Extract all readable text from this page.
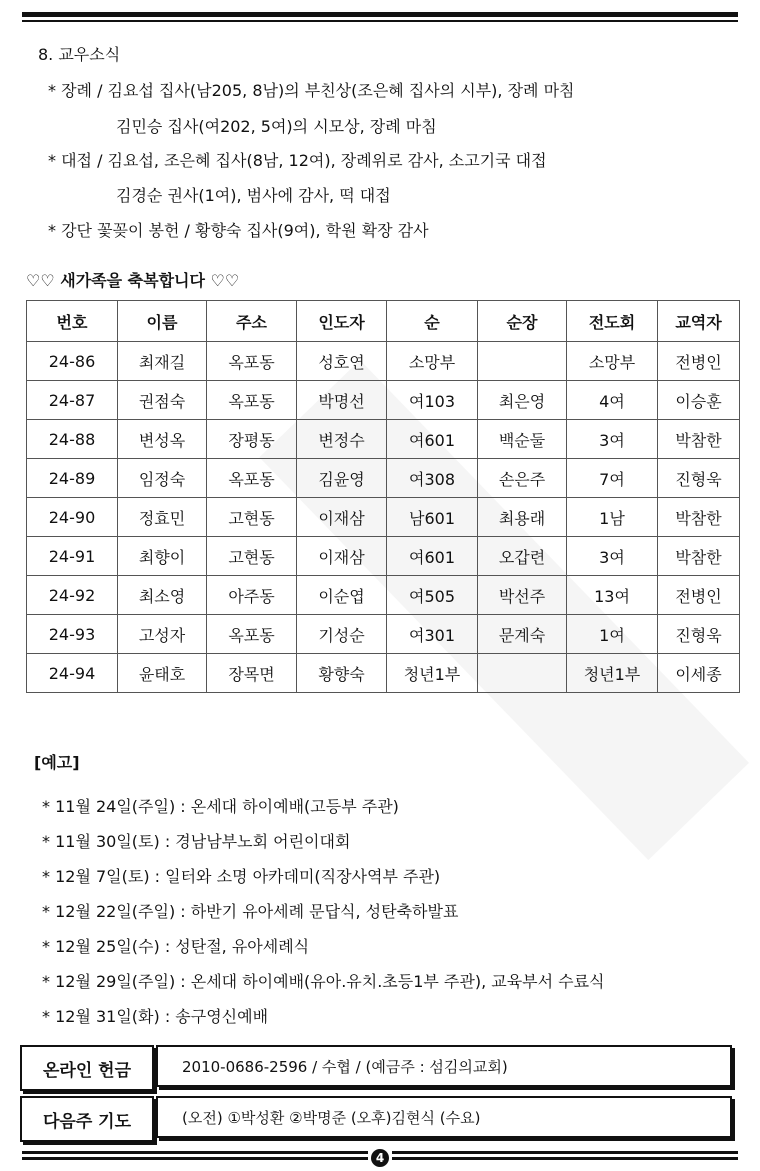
8. 교우소식
* 장례 / 김요섭 집사(남205, 8남)의 부친상(조은혜 집사의 시부), 장례 마침
김민승 집사(여202, 5여)의 시모상, 장례 마침
* 대접 / 김요섭, 조은혜 집사(8남, 12여), 장례위로 감사, 소고기국 대접
김경순 권사(1여), 범사에 감사, 떡 대접
* 강단 꽃꽂이 봉헌 / 황향숙 집사(9여), 학원 확장 감사
♡♡ 새가족을 축복합니다 ♡♡
번호	이름	주소	인도자	순	순장	전도회	교역자
24-86	최재길	옥포동	성호연	소망부		소망부	전병인
24-87	권점숙	옥포동	박명선	여103	최은영	4여	이승훈
24-88	변성옥	장평동	변정수	여601	백순둘	3여	박참한
24-89	임정숙	옥포동	김윤영	여308	손은주	7여	진형욱
24-90	정효민	고현동	이재삼	남601	최용래	1남	박참한
24-91	최향이	고현동	이재삼	여601	오갑련	3여	박참한
24-92	최소영	아주동	이순엽	여505	박선주	13여	전병인
24-93	고성자	옥포동	기성순	여301	문계숙	1여	진형욱
24-94	윤태호	장목면	황향숙	청년1부		청년1부	이세종
[예고]
* 11월 24일(주일) : 온세대 하이예배(고등부 주관)
* 11월 30일(토) : 경남남부노회 어린이대회
* 12월 7일(토) : 일터와 소명 아카데미(직장사역부 주관)
* 12월 22일(주일) : 하반기 유아세례 문답식, 성탄축하발표
* 12월 25일(수) : 성탄절, 유아세례식
* 12월 29일(주일) : 온세대 하이예배(유아.유치.초등1부 주관), 교육부서 수료식
* 12월 31일(화) : 송구영신예배
온라인 헌금	2010-0686-2596 / 수협 / (예금주 : 섬김의교회)
다음주 기도	(오전) ①박성환 ②박명준 (오후)김현식 (수요)
4
